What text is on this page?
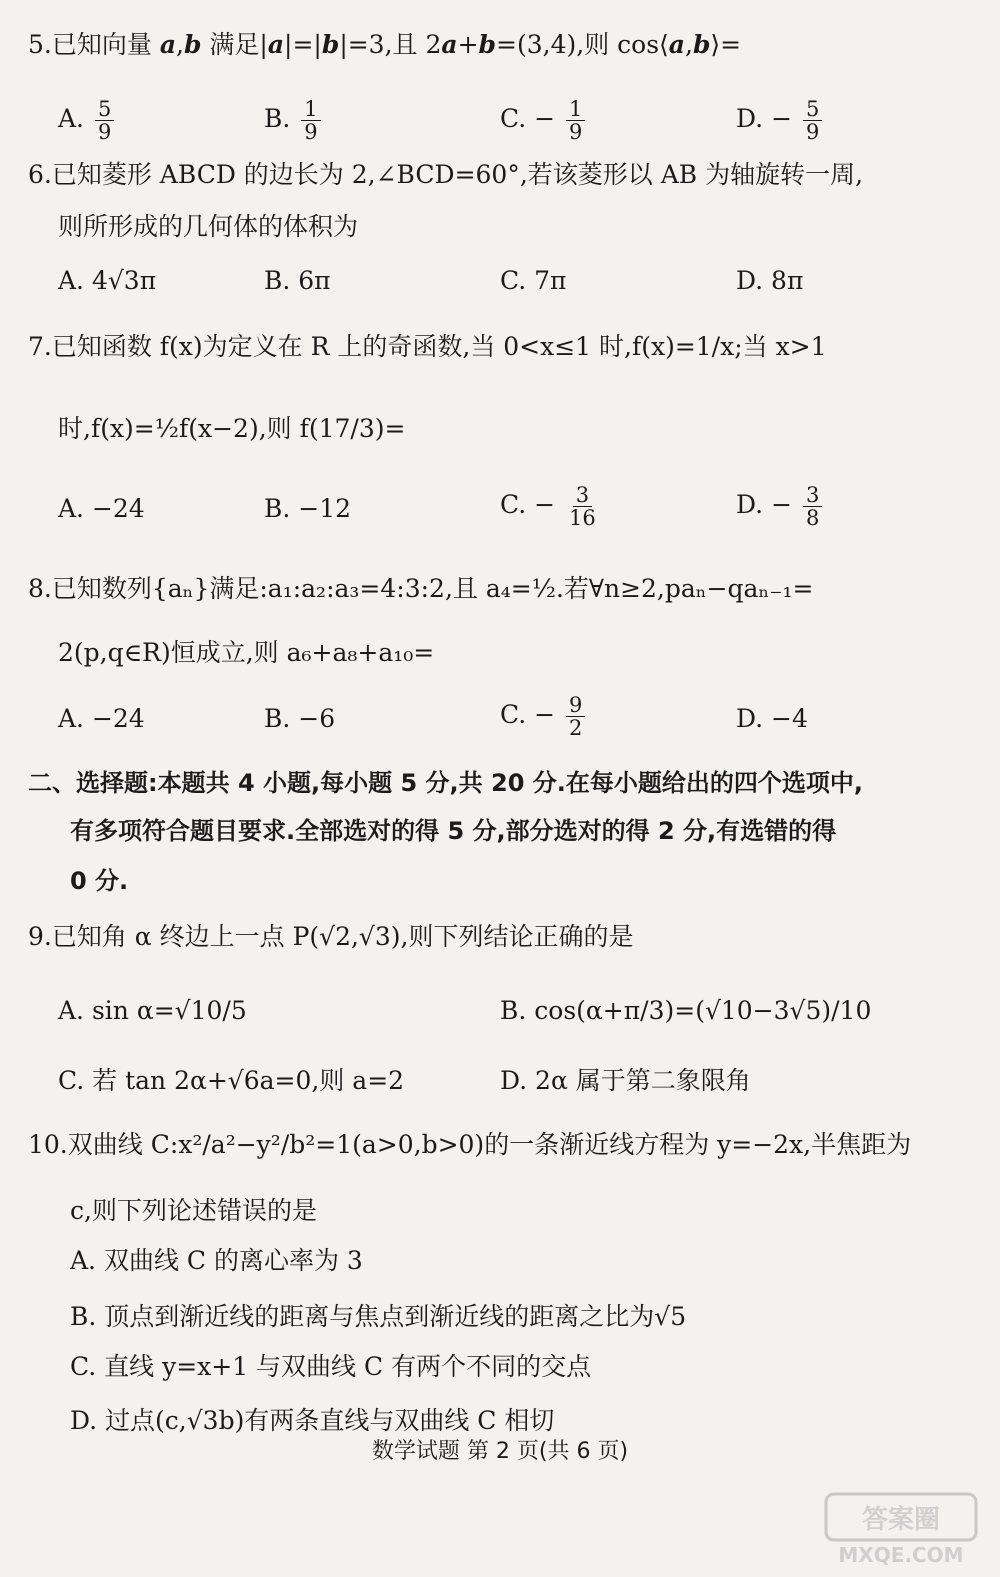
5.已知向量 a,b 满足|a|=|b|=3,且 2a+b=(3,4),则 cos⟨a,b⟩=
A. $\frac{5}{9}$	B. $\frac{1}{9}$	C. − $\frac{1}{9}$	D. − $\frac{5}{9}$
6.已知菱形 ABCD 的边长为 2,∠BCD=60°,若该菱形以 AB 为轴旋转一周,
则所形成的几何体的体积为
A. 4√3π	B. 6π	C. 7π	D. 8π
7.已知函数 f(x)为定义在 R 上的奇函数,当 0<x≤1 时,f(x)=1/x;当 x>1
时,f(x)=½f(x−2),则 f(17/3)=
A. −24	B. −12	C. − $\frac{3}{16}$	D. − $\frac{3}{8}$
8.已知数列{aₙ}满足:a₁:a₂:a₃=4:3:2,且 a₄=½.若∀n≥2,paₙ−qaₙ₋₁=
2(p,q∈R)恒成立,则 a₆+a₈+a₁₀=
A. −24	B. −6	C. − $\frac{9}{2}$	D. −4
二、选择题:本题共 4 小题,每小题 5 分,共 20 分.在每小题给出的四个选项中,
有多项符合题目要求.全部选对的得 5 分,部分选对的得 2 分,有选错的得
0 分.
9.已知角 α 终边上一点 P(√2,√3),则下列结论正确的是
A. sin α=√10/5	B. cos(α+π/3)=(√10−3√5)/10
C. 若 tan 2α+√6a=0,则 a=2	D. 2α 属于第二象限角
10.双曲线 C:x²/a²−y²/b²=1(a>0,b>0)的一条渐近线方程为 y=−2x,半焦距为
c,则下列论述错误的是
A. 双曲线 C 的离心率为 3
B. 顶点到渐近线的距离与焦点到渐近线的距离之比为√5
C. 直线 y=x+1 与双曲线 C 有两个不同的交点
D. 过点(c,√3b)有两条直线与双曲线 C 相切
数学试题 第 2 页(共 6 页)
答案圈
MXQE.COM
